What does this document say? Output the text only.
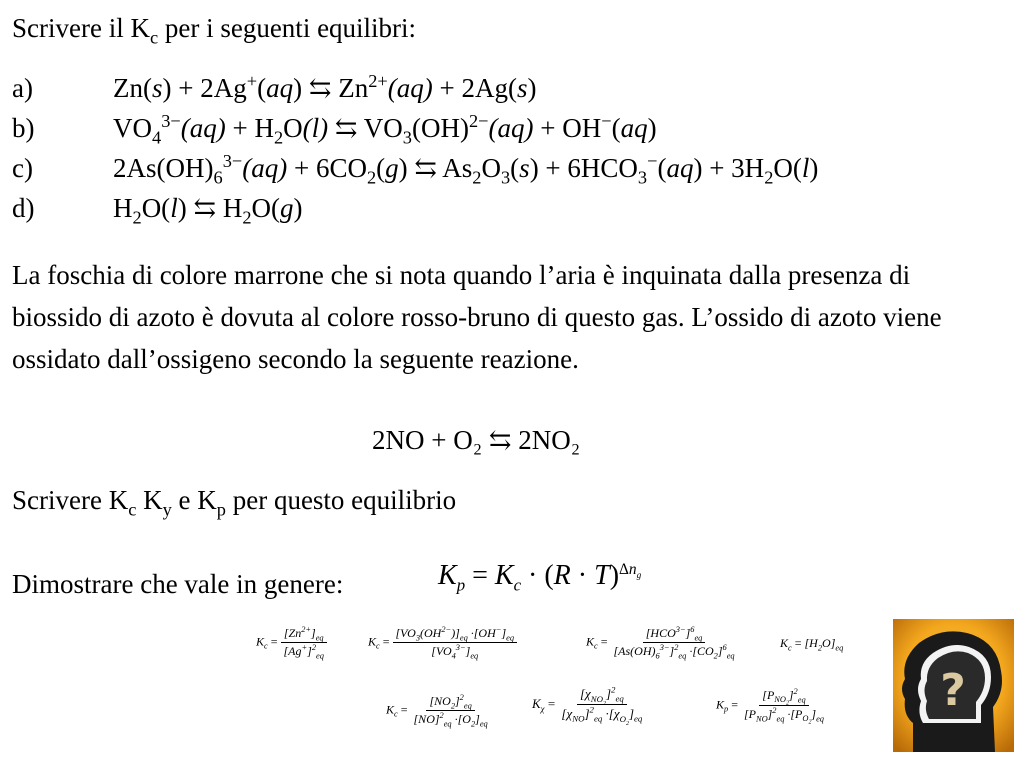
Scrivere il $K_c$ per i seguenti equilibri:
a)	Zn(s) + 2Ag+(aq) ⇆ $Zn^{2+}(aq) + 2Ag(s)$
b)	$VO_4^{3-}(aq) + H_2O(l)$ ⇆ $VO_3(OH)^{2-}(aq) + OH^-(aq)$
c)	$2As(OH)_6^{3-}(aq) + 6CO_2(g)$ ⇆ $As_2O_3(s) + 6HCO_3^-(aq) + 3H_2O(l)$
d)	$H_2O(l)$ ⇆ $H_2O(g)$
La foschia di colore marrone che si nota quando l’aria è inquinata dalla presenza di biossido di azoto è dovuta al colore rosso-bruno di questo gas. L’ossido di azoto viene ossidato dall’ossigeno secondo la seguente reazione.
2NO + O₂ ⇆ 2NO₂
Scrivere $K_c$ $K_y$ e $K_p$ per questo equilibrio
Dimostrare che vale in genere:	$K_p = K_c \cdot (R \cdot T)^{\Delta n_g}$
$K_c = \frac{[Zn^{2+}]_{eq}}{[Ag^+]^2_{eq}}$	$K_c = \frac{[VO_3(OH^{2-})]_{eq} \cdot[OH^-]_{eq}}{[VO_4^{3-}]_{eq}}$	$K_c = \frac{[HCO^{3-}]^6_{eq}}{[As(OH)_6^{3-}]^2_{eq} \cdot[CO_2]^6_{eq}}$	$K_c = [H_2O]_{eq}$
$K_c = \frac{[NO_2]^2_{eq}}{[NO]^2_{eq} \cdot[O_2]_{eq}}$	$K_\chi = \frac{[\chi_{NO_2}]^2_{eq}}{[\chi_{NO}]^2_{eq} \cdot[\chi_{O_2}]_{eq}}$	$K_p = \frac{[P_{NO_2}]^2_{eq}}{[P_{NO}]^2_{eq} \cdot[P_{O_2}]_{eq}}$	?
